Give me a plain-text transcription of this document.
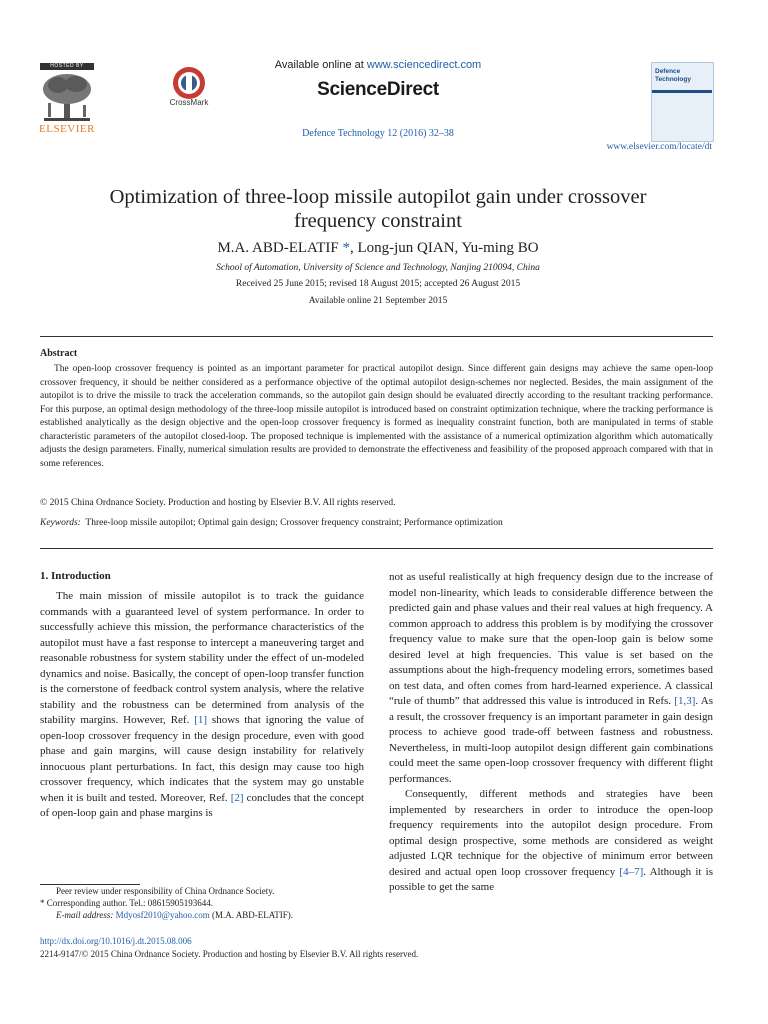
HOSTED BY
ELSEVIER
CrossMark
Available online at www.sciencedirect.com
ScienceDirect
Defence Technology 12 (2016) 32–38
Defence Technology
www.elsevier.com/locate/dt
Optimization of three-loop missile autopilot gain under crossover frequency constraint
M.A. ABD-ELATIF *, Long-jun QIAN, Yu-ming BO
School of Automation, University of Science and Technology, Nanjing 210094, China
Received 25 June 2015; revised 18 August 2015; accepted 26 August 2015
Available online 21 September 2015
Abstract
The open-loop crossover frequency is pointed as an important parameter for practical autopilot design. Since different gain designs may achieve the same open-loop crossover frequency, it should be neither considered as a performance objective of the optimal autopilot design-schemes nor neglected. Besides, the main assignment of the autopilot is to drive the missile to track the acceleration commands, so the autopilot gain design should be evaluated directly according to the resultant tracking performance. For this purpose, an optimal design methodology of the three-loop missile autopilot is introduced based on constraint optimization technique, where the tracking performance is established analytically as the design objective and the open-loop crossover frequency is formed as inequality constraint function, both are manipulated in terms of stable characteristic parameters of the autopilot closed-loop. The proposed technique is implemented with the assistance of a numerical optimization algorithm which automatically adjusts the design parameters. Finally, numerical simulation results are provided to demonstrate the effectiveness and feasibility of the proposed approach compared with that in some references.
© 2015 China Ordnance Society. Production and hosting by Elsevier B.V. All rights reserved.
Keywords: Three-loop missile autopilot; Optimal gain design; Crossover frequency constraint; Performance optimization
1. Introduction

The main mission of missile autopilot is to track the guidance commands with a guaranteed level of system performance. In order to successfully achieve this mission, the performance characteristics of the autopilot must have a fast response to intercept a maneuvering target and reasonable robustness for system stability under the effect of un-modeled dynamics and noise. Basically, the concept of open-loop transfer function is the cornerstone of feedback control system analysis, where the relative stability and the robustness can be determined from analysis of the stability margins. However, Ref. [1] shows that ignoring the value of open-loop crossover frequency in the design procedure, even with good phase and gain margins, will cause design instability for relatively innocuous plant perturbations. In fact, this design may cause too high crossover frequency, which indicates that the system may go unstable when it is built and tested. Moreover, Ref. [2] concludes that the concept of open-loop gain and phase margins is

not as useful realistically at high frequency design due to the increase of model non-linearity, which leads to considerable difference between the predicted gain and phase values and their real values at high frequency. A common approach to address this problem is by modifying the crossover frequency value to make sure that the open-loop gain is below some desired level at high frequencies. This value is set based on the assumptions about the high-frequency modeling errors, sometimes based on test data, and often comes from hard-learned experience. A classical “rule of thumb” that addressed this value is introduced in Refs. [1,3]. As a result, the crossover frequency is an important parameter in gain design process to achieve good trade-off between fastness and robustness. Nevertheless, in multi-loop autopilot design different gain combinations could meet the same open-loop crossover frequency with different flight performances.

Consequently, different methods and strategies have been implemented by researchers in order to introduce the open-loop frequency requirements into the autopilot design procedure. From optimal design prospective, some methods are considered as weight adjusted LQR technique for the objective of minimum error between desired and actual open loop crossover frequency [4–7]. Although it is possible to get the same

Peer review under responsibility of China Ordnance Society.
* Corresponding author. Tel.: 08615905193644.
E-mail address: Mdyosf2010@yahoo.com (M.A. ABD-ELATIF).
http://dx.doi.org/10.1016/j.dt.2015.08.006
2214-9147/© 2015 China Ordnance Society. Production and hosting by Elsevier B.V. All rights reserved.
